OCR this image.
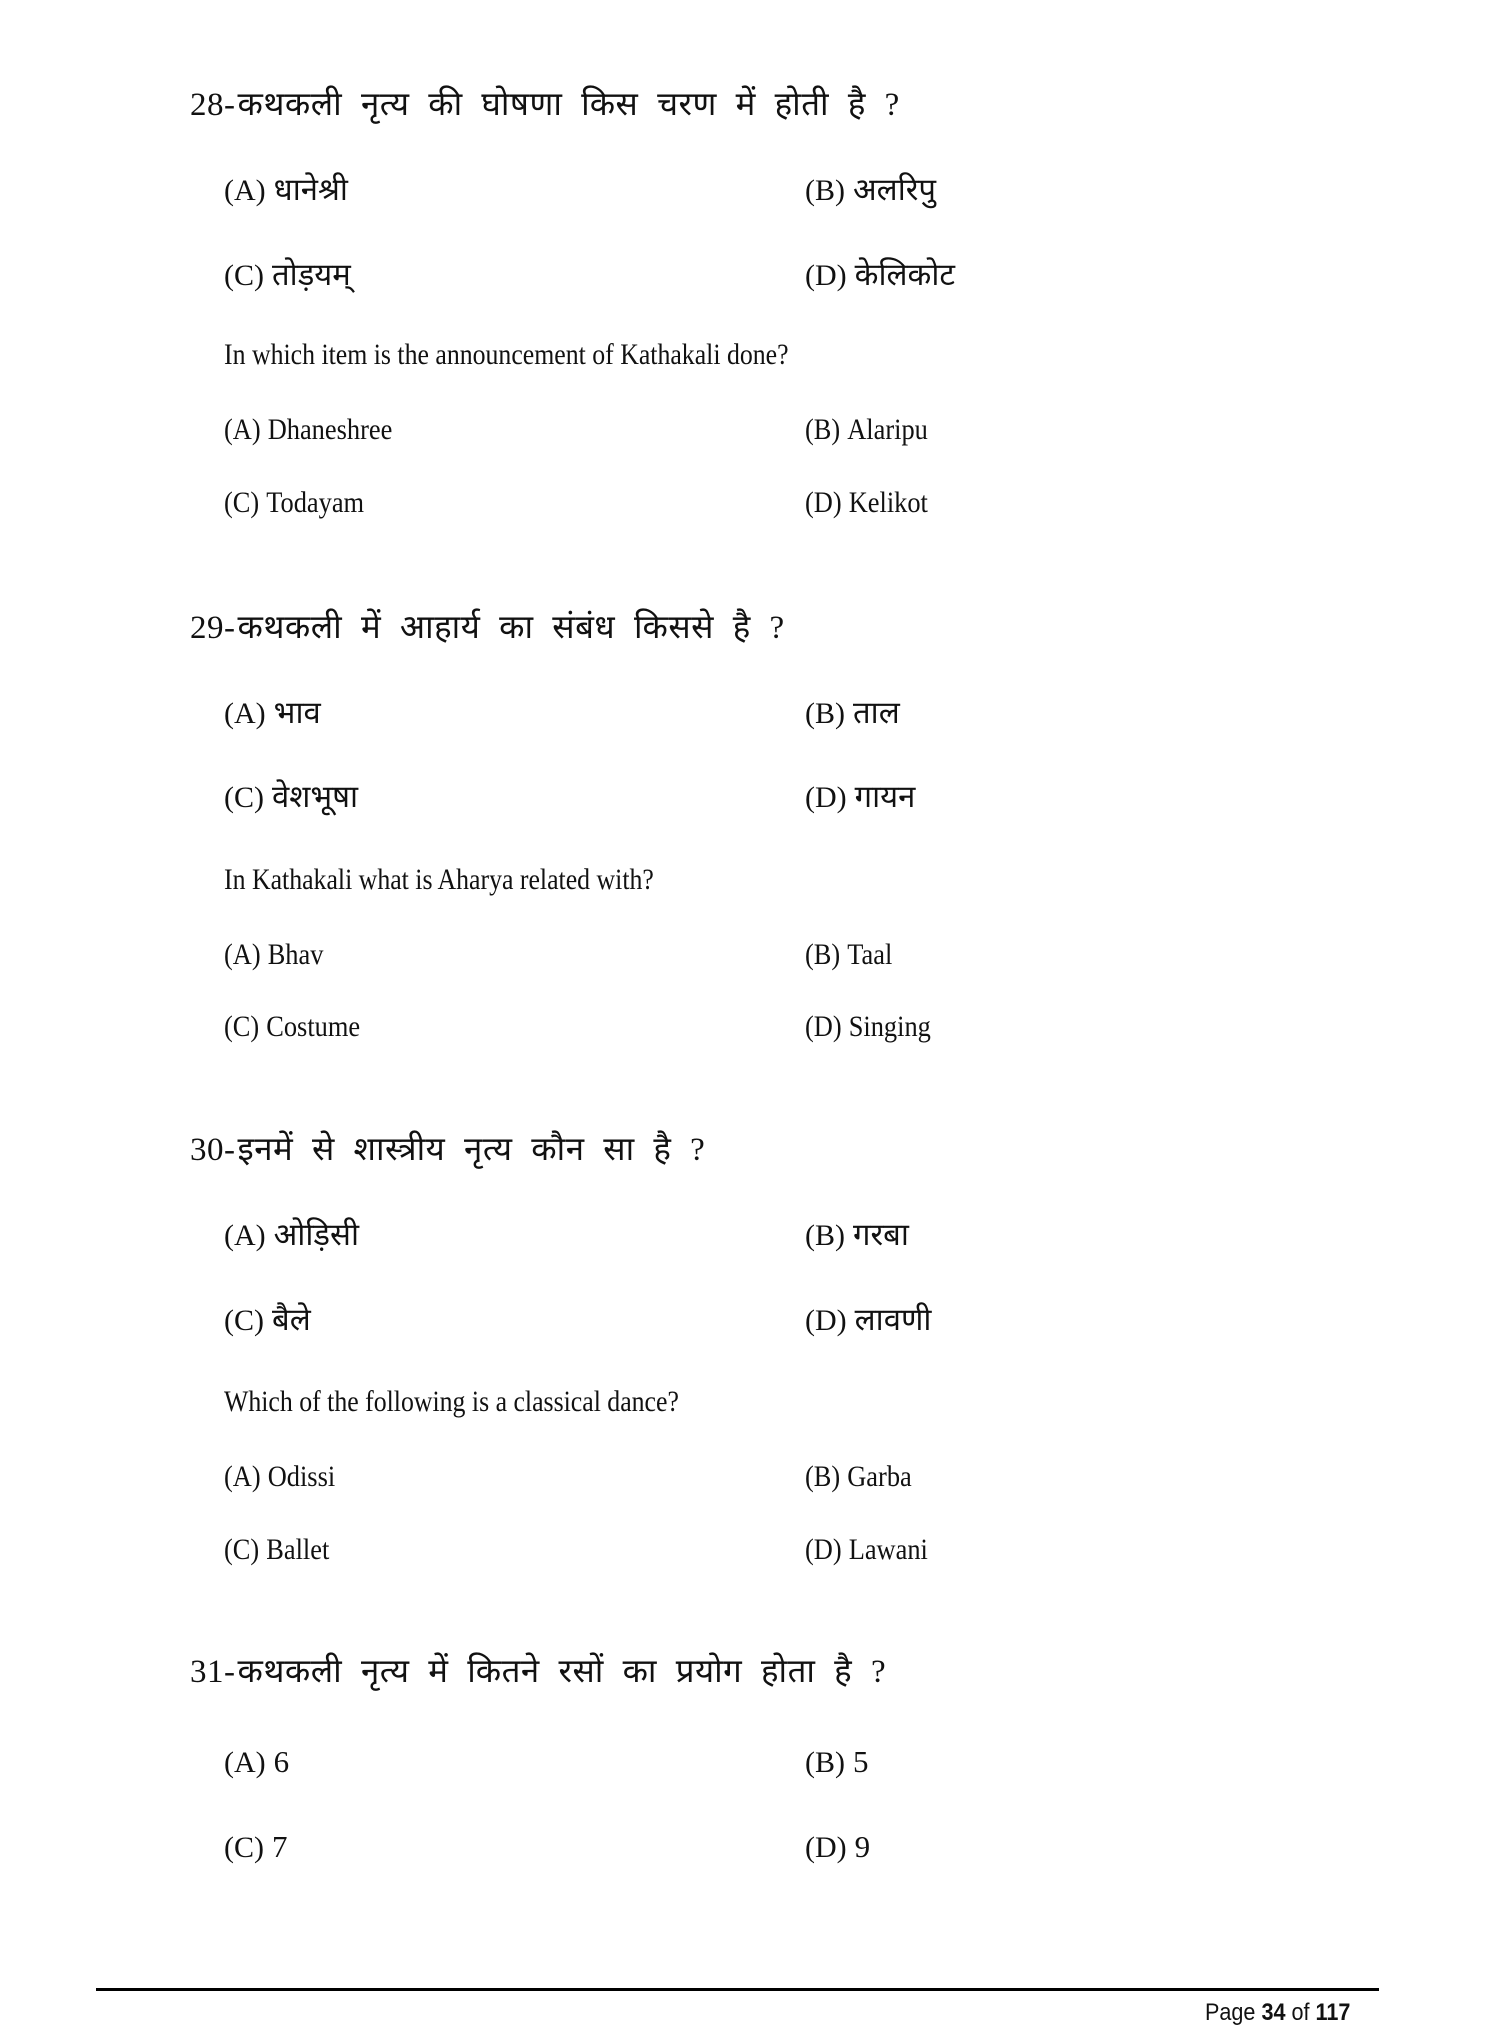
28-कथकली नृत्य की घोषणा किस चरण में होती है ?
(A) धानेश्री	(B) अलरिपु
(C) तोड़यम्	(D) केलिकोट
In which item is the announcement of Kathakali done?
(A) Dhaneshree	(B) Alaripu
(C) Todayam	(D) Kelikot
29-कथकली में आहार्य का संबंध किससे है ?
(A) भाव	(B) ताल
(C) वेशभूषा	(D) गायन
In Kathakali what is Aharya related with?
(A) Bhav	(B) Taal
(C) Costume	(D) Singing
30-इनमें से शास्त्रीय नृत्य कौन सा है ?
(A) ओड़िसी	(B) गरबा
(C) बैले	(D) लावणी
Which of the following is a classical dance?
(A) Odissi	(B) Garba
(C) Ballet	(D) Lawani
31-कथकली नृत्य में कितने रसों का प्रयोग होता है ?
(A) 6	(B) 5
(C) 7	(D) 9
Page 34 of 117
